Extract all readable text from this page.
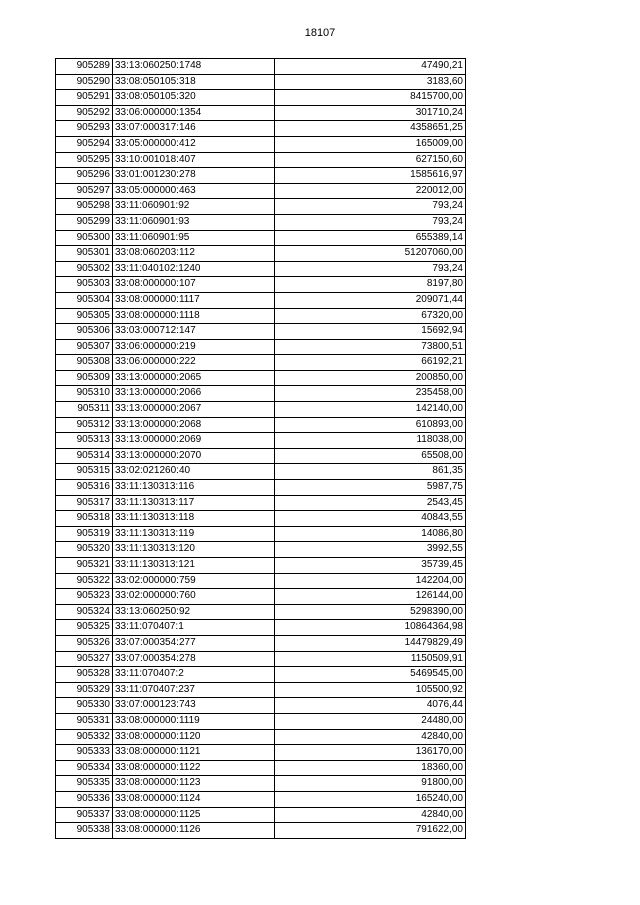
18107
905289	33:13:060250:1748	47490,21
905290	33:08:050105:318	3183,60
905291	33:08:050105:320	8415700,00
905292	33:06:000000:1354	301710,24
905293	33:07:000317:146	4358651,25
905294	33:05:000000:412	165009,00
905295	33:10:001018:407	627150,60
905296	33:01:001230:278	1585616,97
905297	33:05:000000:463	220012,00
905298	33:11:060901:92	793,24
905299	33:11:060901:93	793,24
905300	33:11:060901:95	655389,14
905301	33:08:060203:112	51207060,00
905302	33:11:040102:1240	793,24
905303	33:08:000000:107	8197,80
905304	33:08:000000:1117	209071,44
905305	33:08:000000:1118	67320,00
905306	33:03:000712:147	15692,94
905307	33:06:000000:219	73800,51
905308	33:06:000000:222	66192,21
905309	33:13:000000:2065	200850,00
905310	33:13:000000:2066	235458,00
905311	33:13:000000:2067	142140,00
905312	33:13:000000:2068	610893,00
905313	33:13:000000:2069	118038,00
905314	33:13:000000:2070	65508,00
905315	33:02:021260:40	861,35
905316	33:11:130313:116	5987,75
905317	33:11:130313:117	2543,45
905318	33:11:130313:118	40843,55
905319	33:11:130313:119	14086,80
905320	33:11:130313:120	3992,55
905321	33:11:130313:121	35739,45
905322	33:02:000000:759	142204,00
905323	33:02:000000:760	126144,00
905324	33:13:060250:92	5298390,00
905325	33:11:070407:1	10864364,98
905326	33:07:000354:277	14479829,49
905327	33:07:000354:278	1150509,91
905328	33:11:070407:2	5469545,00
905329	33:11:070407:237	105500,92
905330	33:07:000123:743	4076,44
905331	33:08:000000:1119	24480,00
905332	33:08:000000:1120	42840,00
905333	33:08:000000:1121	136170,00
905334	33:08:000000:1122	18360,00
905335	33:08:000000:1123	91800,00
905336	33:08:000000:1124	165240,00
905337	33:08:000000:1125	42840,00
905338	33:08:000000:1126	791622,00
